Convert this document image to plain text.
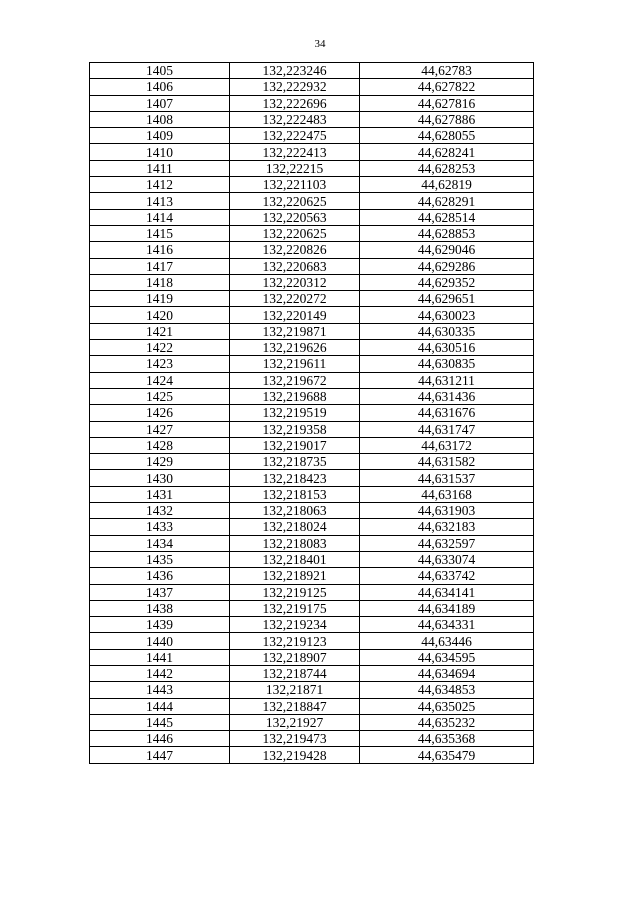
34
1405	132,223246	44,62783
1406	132,222932	44,627822
1407	132,222696	44,627816
1408	132,222483	44,627886
1409	132,222475	44,628055
1410	132,222413	44,628241
1411	132,22215	44,628253
1412	132,221103	44,62819
1413	132,220625	44,628291
1414	132,220563	44,628514
1415	132,220625	44,628853
1416	132,220826	44,629046
1417	132,220683	44,629286
1418	132,220312	44,629352
1419	132,220272	44,629651
1420	132,220149	44,630023
1421	132,219871	44,630335
1422	132,219626	44,630516
1423	132,219611	44,630835
1424	132,219672	44,631211
1425	132,219688	44,631436
1426	132,219519	44,631676
1427	132,219358	44,631747
1428	132,219017	44,63172
1429	132,218735	44,631582
1430	132,218423	44,631537
1431	132,218153	44,63168
1432	132,218063	44,631903
1433	132,218024	44,632183
1434	132,218083	44,632597
1435	132,218401	44,633074
1436	132,218921	44,633742
1437	132,219125	44,634141
1438	132,219175	44,634189
1439	132,219234	44,634331
1440	132,219123	44,63446
1441	132,218907	44,634595
1442	132,218744	44,634694
1443	132,21871	44,634853
1444	132,218847	44,635025
1445	132,21927	44,635232
1446	132,219473	44,635368
1447	132,219428	44,635479
